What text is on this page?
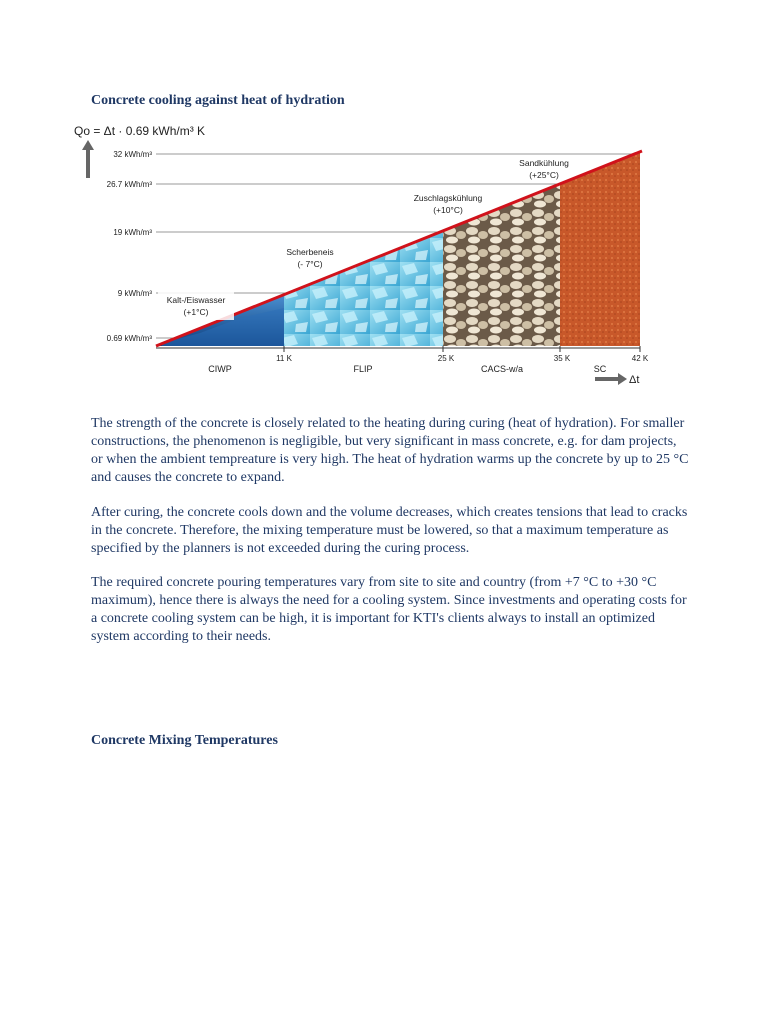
Concrete cooling against heat of hydration
Qo = Δt · 0.69 kWh/m³ K
32 kWh/m³
26.7 kWh/m³
19 kWh/m³
9 kWh/m³
0.69 kWh/m³
11 K	25 K	35 K	42 K
CIWP	FLIP	CACS-w/a	SC
Δt
Kalt-/Eiswasser
(+1°C)
Scherbeneis
(- 7°C)
Zuschlagskühlung
(+10°C)
Sandkühlung
(+25°C)

The strength of the concrete is closely related to the heating during curing (heat of hydration). For smaller constructions, the phenomenon is negligible, but very significant in mass concrete, e.g. for dam projects, or when the ambient tempreature is very high. The heat of hydration warms up the concrete by up to 25 °C and causes the concrete to expand.

After curing, the concrete cools down and the volume decreases, which creates tensions that lead to cracks in the concrete. Therefore, the mixing temperature must be lowered, so that a maximum temperature as specified by the planners is not exceeded during the curing process.

The required concrete pouring temperatures vary from site to site and country (from +7 °C to +30 °C maximum), hence there is always the need for a cooling system. Since investments and operating costs for a concrete cooling system can be high, it is important for KTI's clients always to install an optimized system according to their needs.

Concrete Mixing Temperatures
